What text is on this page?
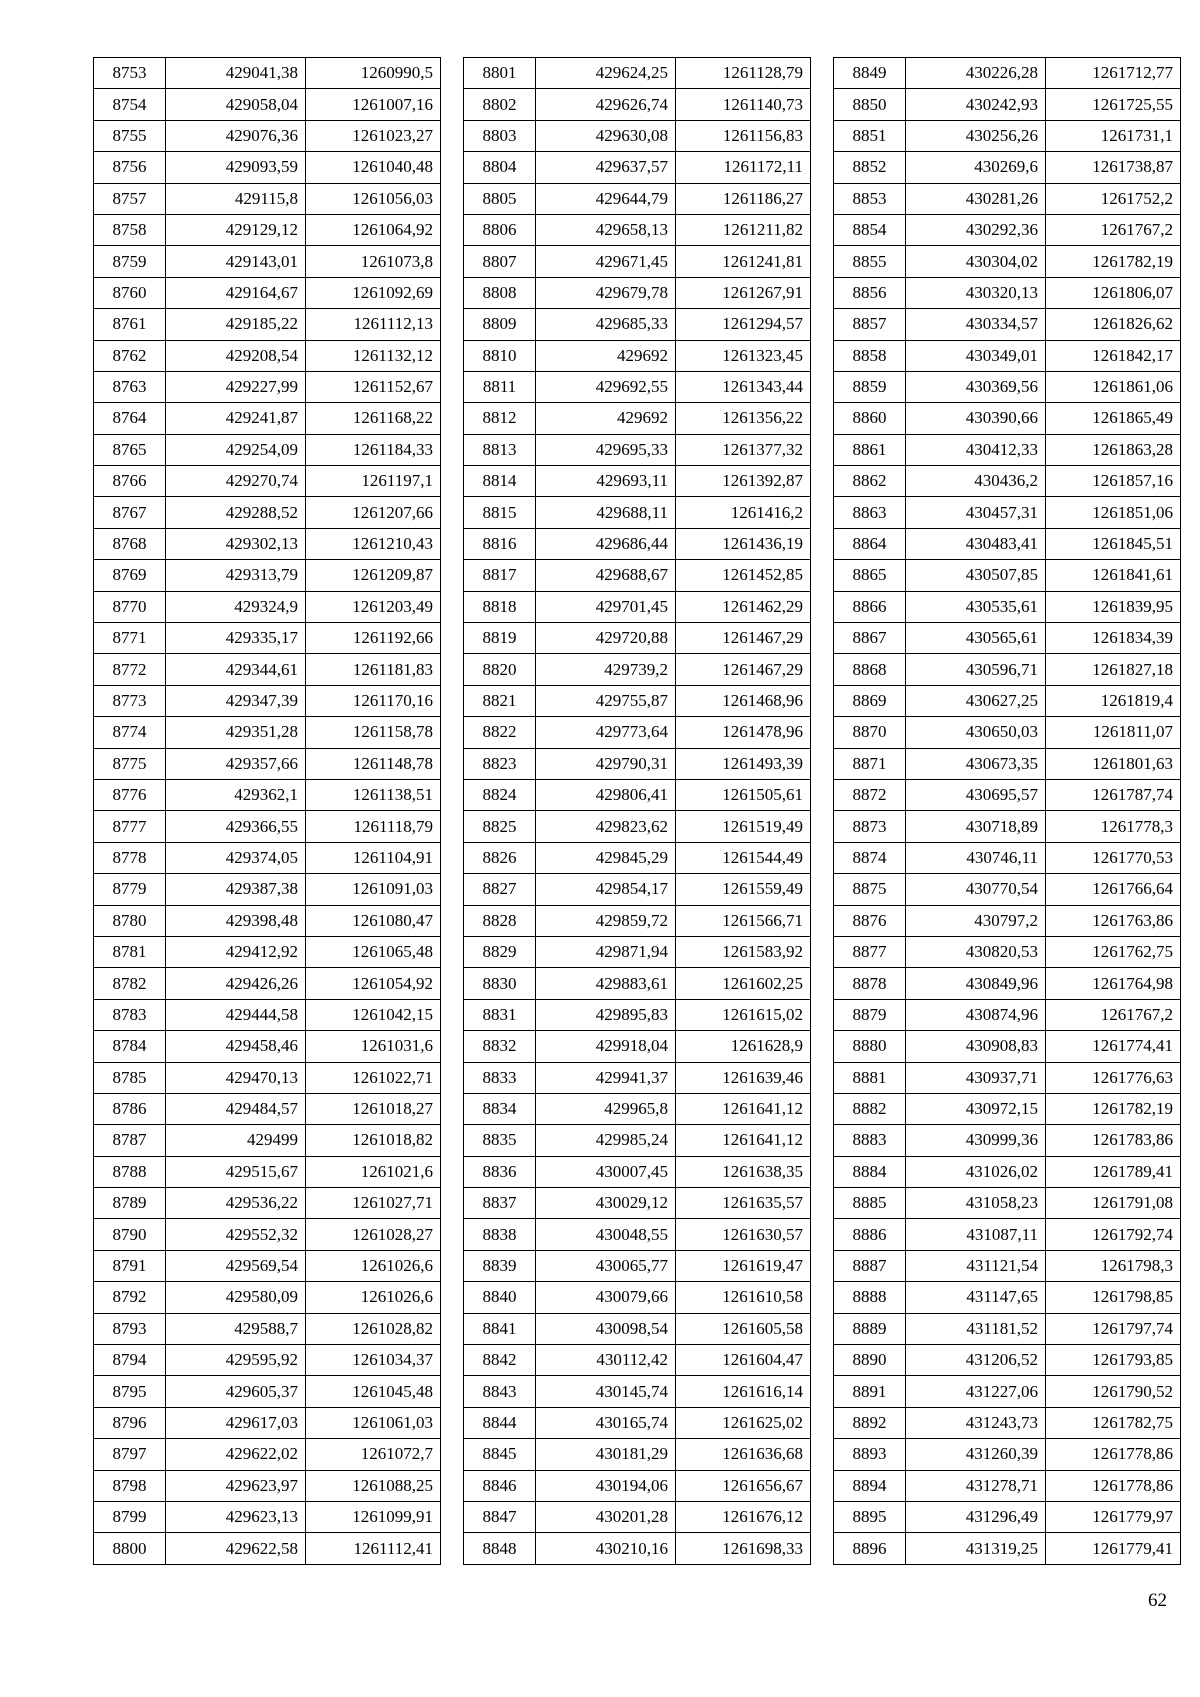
8753	429041,38	1260990,5
8754	429058,04	1261007,16
8755	429076,36	1261023,27
8756	429093,59	1261040,48
8757	429115,8	1261056,03
8758	429129,12	1261064,92
8759	429143,01	1261073,8
8760	429164,67	1261092,69
8761	429185,22	1261112,13
8762	429208,54	1261132,12
8763	429227,99	1261152,67
8764	429241,87	1261168,22
8765	429254,09	1261184,33
8766	429270,74	1261197,1
8767	429288,52	1261207,66
8768	429302,13	1261210,43
8769	429313,79	1261209,87
8770	429324,9	1261203,49
8771	429335,17	1261192,66
8772	429344,61	1261181,83
8773	429347,39	1261170,16
8774	429351,28	1261158,78
8775	429357,66	1261148,78
8776	429362,1	1261138,51
8777	429366,55	1261118,79
8778	429374,05	1261104,91
8779	429387,38	1261091,03
8780	429398,48	1261080,47
8781	429412,92	1261065,48
8782	429426,26	1261054,92
8783	429444,58	1261042,15
8784	429458,46	1261031,6
8785	429470,13	1261022,71
8786	429484,57	1261018,27
8787	429499	1261018,82
8788	429515,67	1261021,6
8789	429536,22	1261027,71
8790	429552,32	1261028,27
8791	429569,54	1261026,6
8792	429580,09	1261026,6
8793	429588,7	1261028,82
8794	429595,92	1261034,37
8795	429605,37	1261045,48
8796	429617,03	1261061,03
8797	429622,02	1261072,7
8798	429623,97	1261088,25
8799	429623,13	1261099,91
8800	429622,58	1261112,41
8801	429624,25	1261128,79
8802	429626,74	1261140,73
8803	429630,08	1261156,83
8804	429637,57	1261172,11
8805	429644,79	1261186,27
8806	429658,13	1261211,82
8807	429671,45	1261241,81
8808	429679,78	1261267,91
8809	429685,33	1261294,57
8810	429692	1261323,45
8811	429692,55	1261343,44
8812	429692	1261356,22
8813	429695,33	1261377,32
8814	429693,11	1261392,87
8815	429688,11	1261416,2
8816	429686,44	1261436,19
8817	429688,67	1261452,85
8818	429701,45	1261462,29
8819	429720,88	1261467,29
8820	429739,2	1261467,29
8821	429755,87	1261468,96
8822	429773,64	1261478,96
8823	429790,31	1261493,39
8824	429806,41	1261505,61
8825	429823,62	1261519,49
8826	429845,29	1261544,49
8827	429854,17	1261559,49
8828	429859,72	1261566,71
8829	429871,94	1261583,92
8830	429883,61	1261602,25
8831	429895,83	1261615,02
8832	429918,04	1261628,9
8833	429941,37	1261639,46
8834	429965,8	1261641,12
8835	429985,24	1261641,12
8836	430007,45	1261638,35
8837	430029,12	1261635,57
8838	430048,55	1261630,57
8839	430065,77	1261619,47
8840	430079,66	1261610,58
8841	430098,54	1261605,58
8842	430112,42	1261604,47
8843	430145,74	1261616,14
8844	430165,74	1261625,02
8845	430181,29	1261636,68
8846	430194,06	1261656,67
8847	430201,28	1261676,12
8848	430210,16	1261698,33
8849	430226,28	1261712,77
8850	430242,93	1261725,55
8851	430256,26	1261731,1
8852	430269,6	1261738,87
8853	430281,26	1261752,2
8854	430292,36	1261767,2
8855	430304,02	1261782,19
8856	430320,13	1261806,07
8857	430334,57	1261826,62
8858	430349,01	1261842,17
8859	430369,56	1261861,06
8860	430390,66	1261865,49
8861	430412,33	1261863,28
8862	430436,2	1261857,16
8863	430457,31	1261851,06
8864	430483,41	1261845,51
8865	430507,85	1261841,61
8866	430535,61	1261839,95
8867	430565,61	1261834,39
8868	430596,71	1261827,18
8869	430627,25	1261819,4
8870	430650,03	1261811,07
8871	430673,35	1261801,63
8872	430695,57	1261787,74
8873	430718,89	1261778,3
8874	430746,11	1261770,53
8875	430770,54	1261766,64
8876	430797,2	1261763,86
8877	430820,53	1261762,75
8878	430849,96	1261764,98
8879	430874,96	1261767,2
8880	430908,83	1261774,41
8881	430937,71	1261776,63
8882	430972,15	1261782,19
8883	430999,36	1261783,86
8884	431026,02	1261789,41
8885	431058,23	1261791,08
8886	431087,11	1261792,74
8887	431121,54	1261798,3
8888	431147,65	1261798,85
8889	431181,52	1261797,74
8890	431206,52	1261793,85
8891	431227,06	1261790,52
8892	431243,73	1261782,75
8893	431260,39	1261778,86
8894	431278,71	1261778,86
8895	431296,49	1261779,97
8896	431319,25	1261779,41
62
